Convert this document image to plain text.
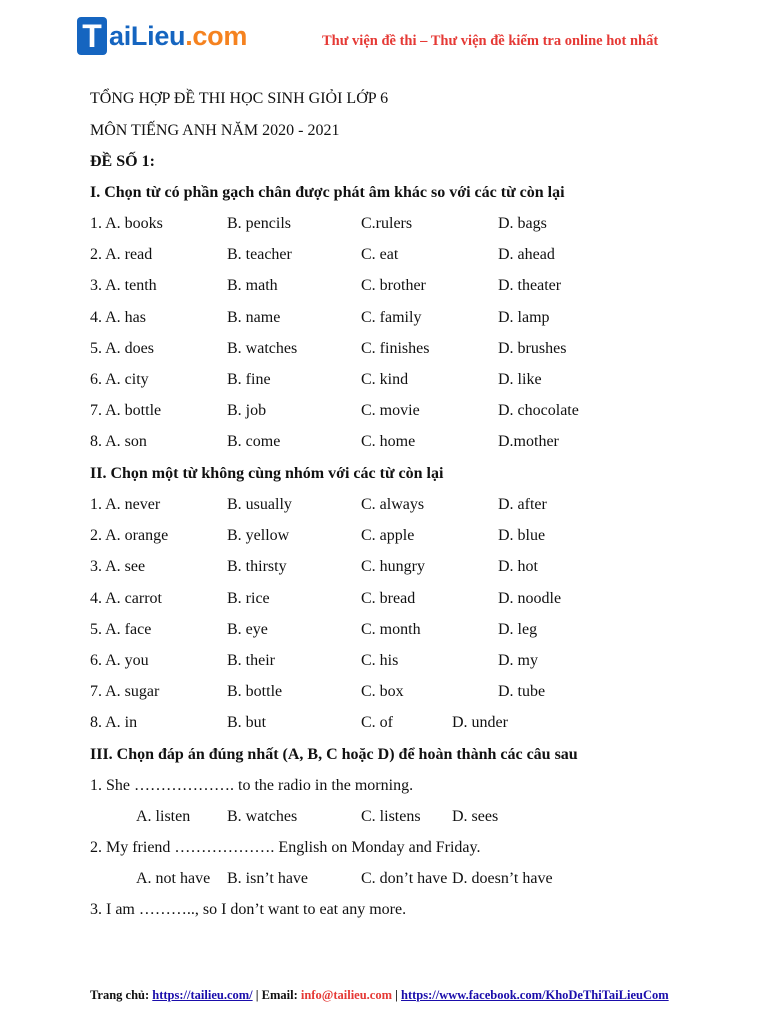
T aiLieu.com	Thư viện đề thi – Thư viện đề kiểm tra online hot nhất
TỔNG HỢP ĐỀ THI HỌC SINH GIỎI LỚP 6
MÔN TIẾNG ANH NĂM 2020 - 2021
ĐỀ SỐ 1:
I. Chọn từ có phần gạch chân được phát âm khác so với các từ còn lại
1. A. books	B. pencils	C.rulers	D. bags
2. A. read	B. teacher	C. eat	D. ahead
3. A. tenth	B. math	C. brother	D. theater
4. A. has	B. name	C. family	D. lamp
5. A. does	B. watches	C. finishes	D. brushes
6. A. city	B. fine	C. kind	D. like
7. A. bottle	B. job	C. movie	D. chocolate
8. A. son	B. come	C. home	D.mother
II. Chọn một từ không cùng nhóm với các từ còn lại
1. A. never	B. usually	C. always	D. after
2. A. orange	B. yellow	C. apple	D. blue
3. A. see	B. thirsty	C. hungry	D. hot
4. A. carrot	B. rice	C. bread	D. noodle
5. A. face	B. eye	C. month	D. leg
6. A. you	B. their	C. his	D. my
7. A. sugar	B. bottle	C. box	D. tube
8. A. in	B. but	C. of	D. under
III. Chọn đáp án đúng nhất (A, B, C hoặc D) để hoàn thành các câu sau
1. She ………………. to the radio in the morning.
A. listen B. watches	C. listens D. sees
2. My friend ………………. English on Monday and Friday.
A. not have B. isn’t have	C. don’t have D. doesn’t have
3. I am ……….., so I don’t want to eat any more.
Trang chủ: https://tailieu.com/ | Email: info@tailieu.com | https://www.facebook.com/KhoDeThiTaiLieuCom
